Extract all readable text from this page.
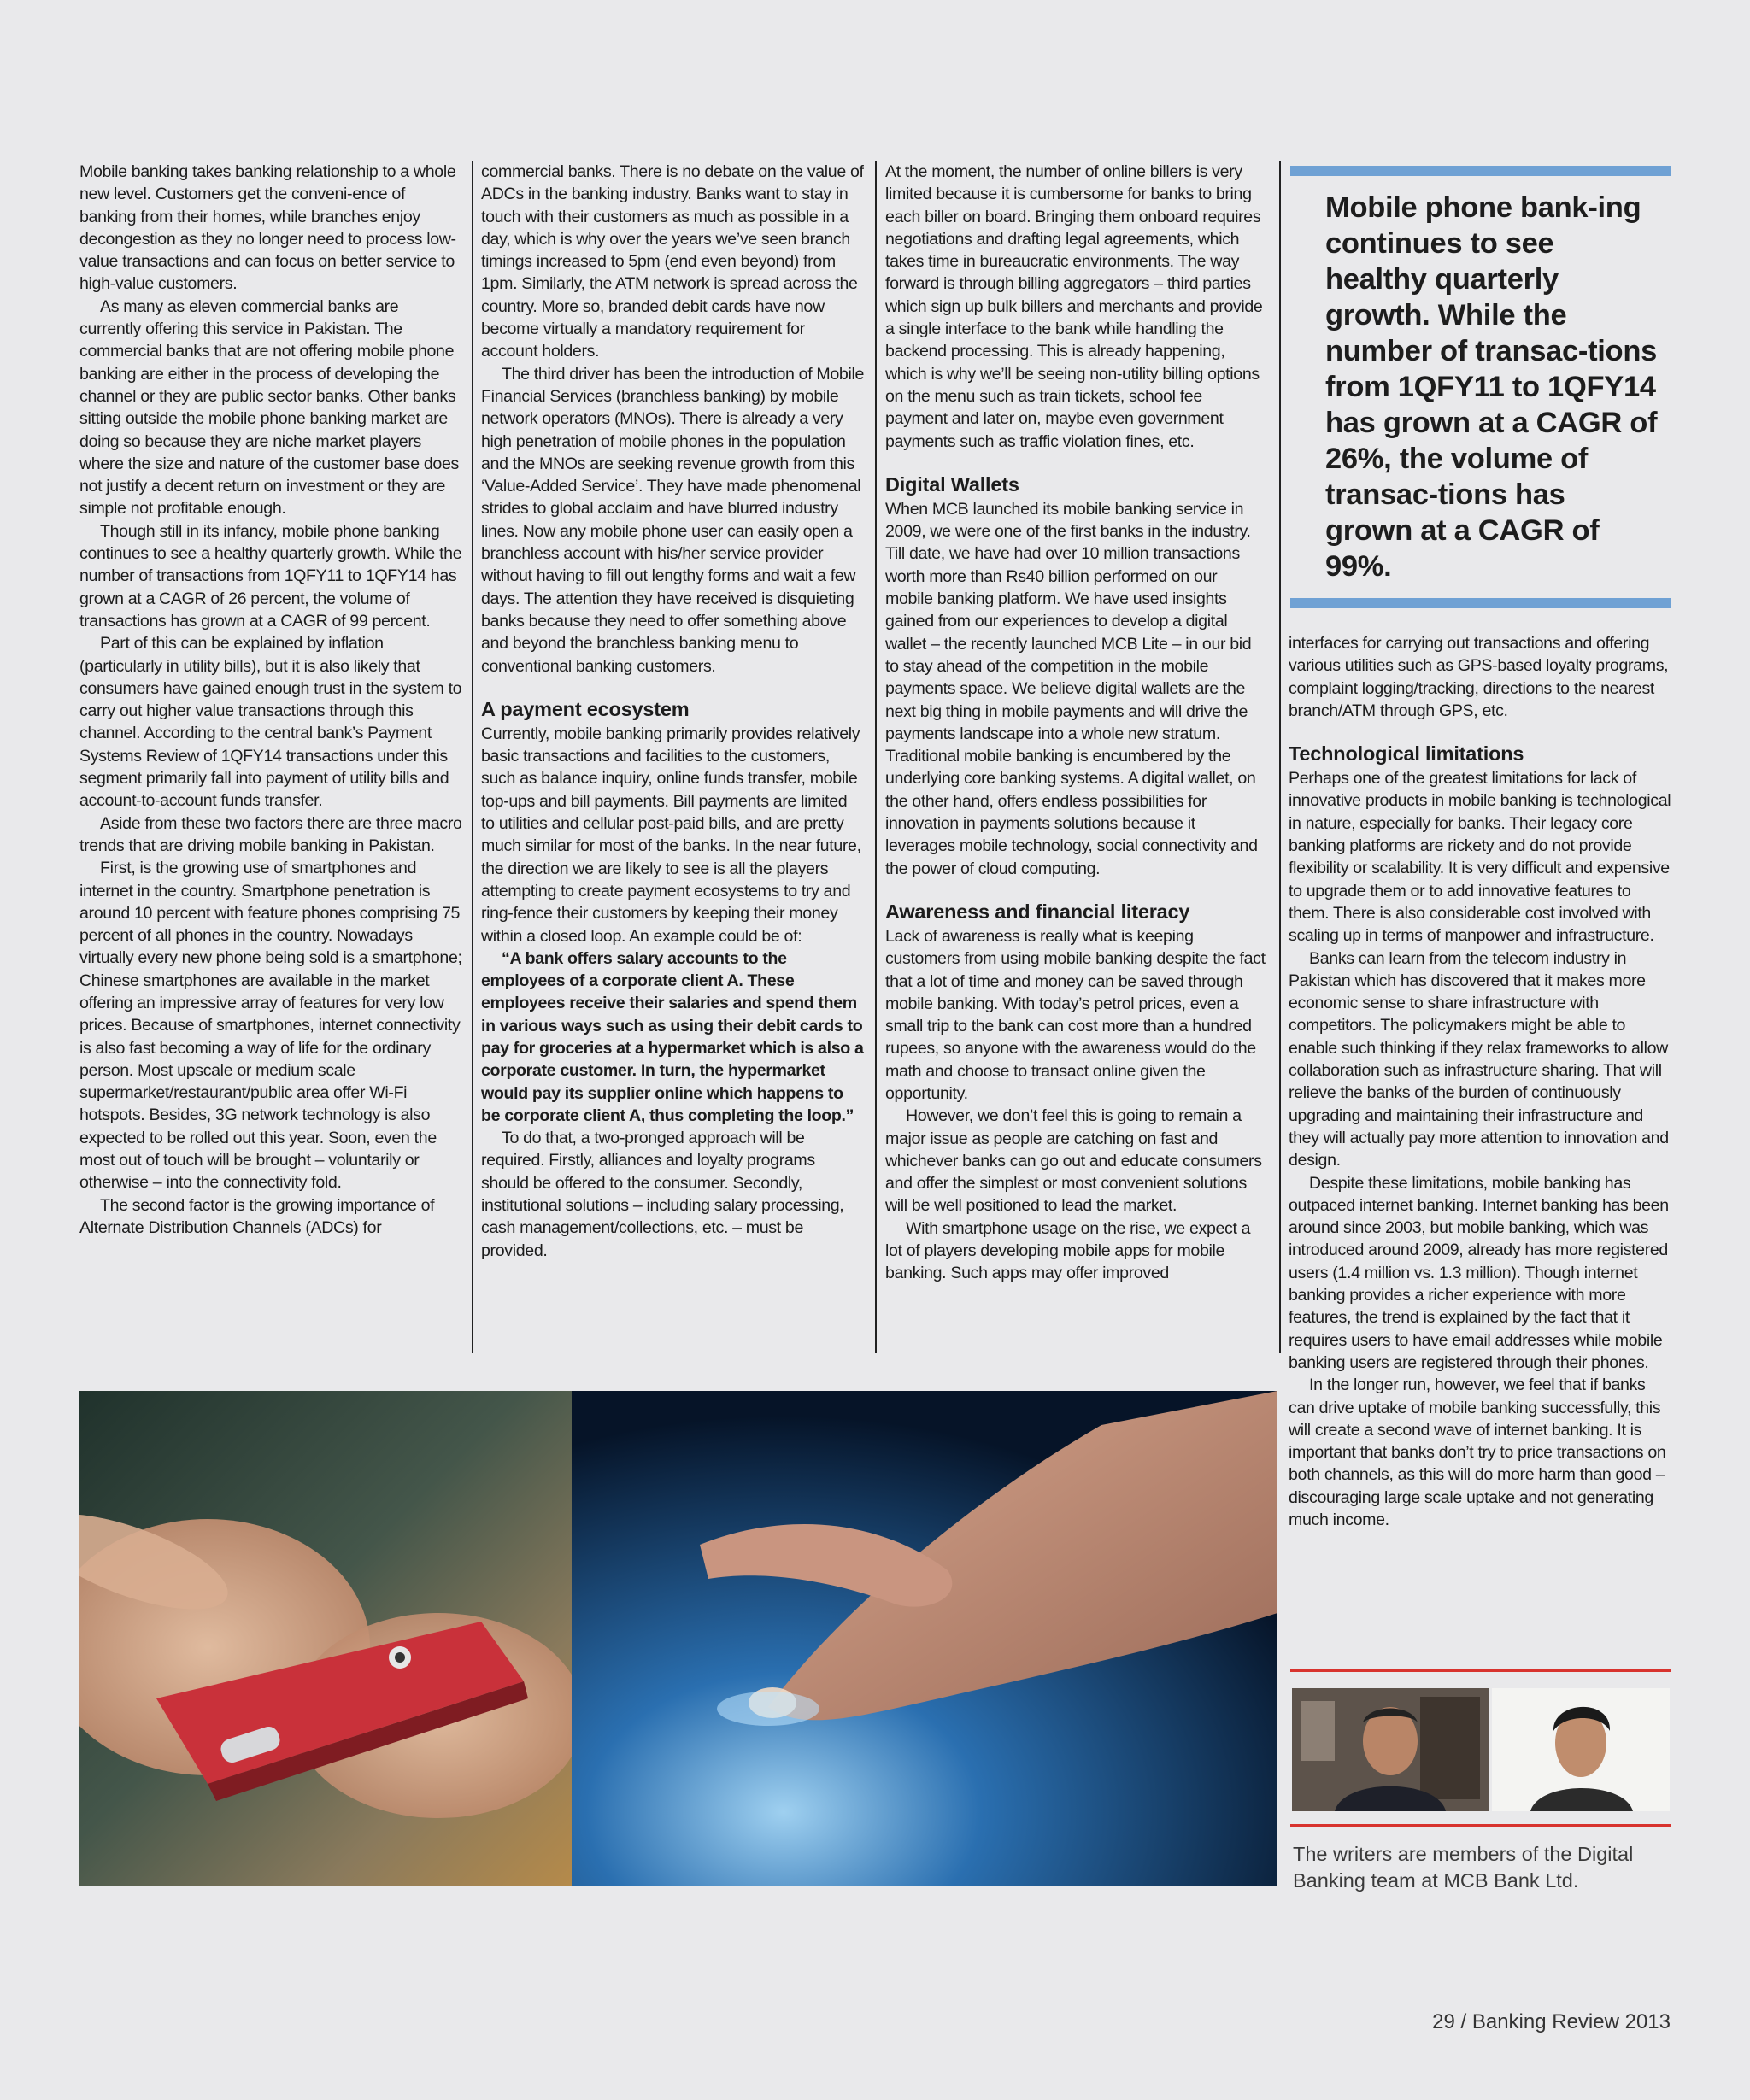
Mobile banking takes banking relationship to a whole new level. Customers get the conveni-ence of banking from their homes, while branches enjoy decongestion as they no longer need to process low-value transactions and can focus on better service to high-value customers.

As many as eleven commercial banks are currently offering this service in Pakistan. The commercial banks that are not offering mobile phone banking are either in the process of developing the channel or they are public sector banks. Other banks sitting outside the mobile phone banking market are doing so because they are niche market players where the size and nature of the customer base does not justify a decent return on investment or they are simple not profitable enough.

Though still in its infancy, mobile phone banking continues to see a healthy quarterly growth. While the number of transactions from 1QFY11 to 1QFY14 has grown at a CAGR of 26 percent, the volume of transactions has grown at a CAGR of 99 percent.

Part of this can be explained by inflation (particularly in utility bills), but it is also likely that consumers have gained enough trust in the system to carry out higher value transactions through this channel. According to the central bank’s Payment Systems Review of 1QFY14 transactions under this segment primarily fall into payment of utility bills and account-to-account funds transfer.

Aside from these two factors there are three macro trends that are driving mobile banking in Pakistan.

First, is the growing use of smartphones and internet in the country. Smartphone penetration is around 10 percent with feature phones comprising 75 percent of all phones in the country. Nowadays virtually every new phone being sold is a smartphone; Chinese smartphones are available in the market offering an impressive array of features for very low prices. Because of smartphones, internet connectivity is also fast becoming a way of life for the ordinary person. Most upscale or medium scale supermarket/restaurant/public area offer Wi-Fi hotspots. Besides, 3G network technology is also expected to be rolled out this year. Soon, even the most out of touch will be brought – voluntarily or otherwise – into the connectivity fold.

The second factor is the growing importance of Alternate Distribution Channels (ADCs) for

commercial banks. There is no debate on the value of ADCs in the banking industry. Banks want to stay in touch with their customers as much as possible in a day, which is why over the years we’ve seen branch timings increased to 5pm (end even beyond) from 1pm. Similarly, the ATM network is spread across the country. More so, branded debit cards have now become virtually a mandatory requirement for account holders.

The third driver has been the introduction of Mobile Financial Services (branchless banking) by mobile network operators (MNOs). There is already a very high penetration of mobile phones in the population and the MNOs are seeking revenue growth from this ‘Value-Added Service’. They have made phenomenal strides to global acclaim and have blurred industry lines. Now any mobile phone user can easily open a branchless account with his/her service provider without having to fill out lengthy forms and wait a few days. The attention they have received is disquieting banks because they need to offer something above and beyond the branchless banking menu to conventional banking customers.

A payment ecosystem

Currently, mobile banking primarily provides relatively basic transactions and facilities to the customers, such as balance inquiry, online funds transfer, mobile top-ups and bill payments. Bill payments are limited to utilities and cellular post-paid bills, and are pretty much similar for most of the banks. In the near future, the direction we are likely to see is all the players attempting to create payment ecosystems to try and ring-fence their customers by keeping their money within a closed loop. An example could be of:

“A bank offers salary accounts to the employees of a corporate client A. These employees receive their salaries and spend them in various ways such as using their debit cards to pay for groceries at a hypermarket which is also a corporate customer. In turn, the hypermarket would pay its supplier online which happens to be corporate client A, thus completing the loop.”

To do that, a two-pronged approach will be required. Firstly, alliances and loyalty programs should be offered to the consumer. Secondly, institutional solutions – including salary processing, cash management/collections, etc. – must be provided.

At the moment, the number of online billers is very limited because it is cumbersome for banks to bring each biller on board. Bringing them onboard requires negotiations and drafting legal agreements, which takes time in bureaucratic environments. The way forward is through billing aggregators – third parties which sign up bulk billers and merchants and provide a single interface to the bank while handling the backend processing. This is already happening, which is why we’ll be seeing non-utility billing options on the menu such as train tickets, school fee payment and later on, maybe even government payments such as traffic violation fines, etc.

Digital Wallets

When MCB launched its mobile banking service in 2009, we were one of the first banks in the industry. Till date, we have had over 10 million transactions worth more than Rs40 billion performed on our mobile banking platform. We have used insights gained from our experiences to develop a digital wallet – the recently launched MCB Lite – in our bid to stay ahead of the competition in the mobile payments space. We believe digital wallets are the next big thing in mobile payments and will drive the payments landscape into a whole new stratum. Traditional mobile banking is encumbered by the underlying core banking systems. A digital wallet, on the other hand, offers endless possibilities for innovation in payments solutions because it leverages mobile technology, social connectivity and the power of cloud computing.

Awareness and financial literacy

Lack of awareness is really what is keeping customers from using mobile banking despite the fact that a lot of time and money can be saved through mobile banking. With today’s petrol prices, even a small trip to the bank can cost more than a hundred rupees, so anyone with the awareness would do the math and choose to transact online given the opportunity.

However, we don’t feel this is going to remain a major issue as people are catching on fast and whichever banks can go out and educate consumers and offer the simplest or most convenient solutions will be well positioned to lead the market.

With smartphone usage on the rise, we expect a lot of players developing mobile apps for mobile banking. Such apps may offer improved

Mobile phone bank-ing continues to see healthy quarterly growth. While the number of transac-tions from 1QFY11 to 1QFY14 has grown at a CAGR of 26%, the volume of transac-tions has grown at a CAGR of 99%.

interfaces for carrying out transactions and offering various utilities such as GPS-based loyalty programs, complaint logging/tracking, directions to the nearest branch/ATM through GPS, etc.

Technological limitations

Perhaps one of the greatest limitations for lack of innovative products in mobile banking is technological in nature, especially for banks. Their legacy core banking platforms are rickety and do not provide flexibility or scalability. It is very difficult and expensive to upgrade them or to add innovative features to them. There is also considerable cost involved with scaling up in terms of manpower and infrastructure.

Banks can learn from the telecom industry in Pakistan which has discovered that it makes more economic sense to share infrastructure with competitors. The policymakers might be able to enable such thinking if they relax frameworks to allow collaboration such as infrastructure sharing. That will relieve the banks of the burden of continuously upgrading and maintaining their infrastructure and they will actually pay more attention to innovation and design.

Despite these limitations, mobile banking has outpaced internet banking. Internet banking has been around since 2003, but mobile banking, which was introduced around 2009, already has more registered users (1.4 million vs. 1.3 million). Though internet banking provides a richer experience with more features, the trend is explained by the fact that it requires users to have email addresses while mobile banking users are registered through their phones.

In the longer run, however, we feel that if banks can drive uptake of mobile banking successfully, this will create a second wave of internet banking. It is important that banks don’t try to price transactions on both channels, as this will do more harm than good – discouraging large scale uptake and not generating much income.

The writers are members of the Digital Banking team at MCB Bank Ltd.

29 / Banking Review 2013
